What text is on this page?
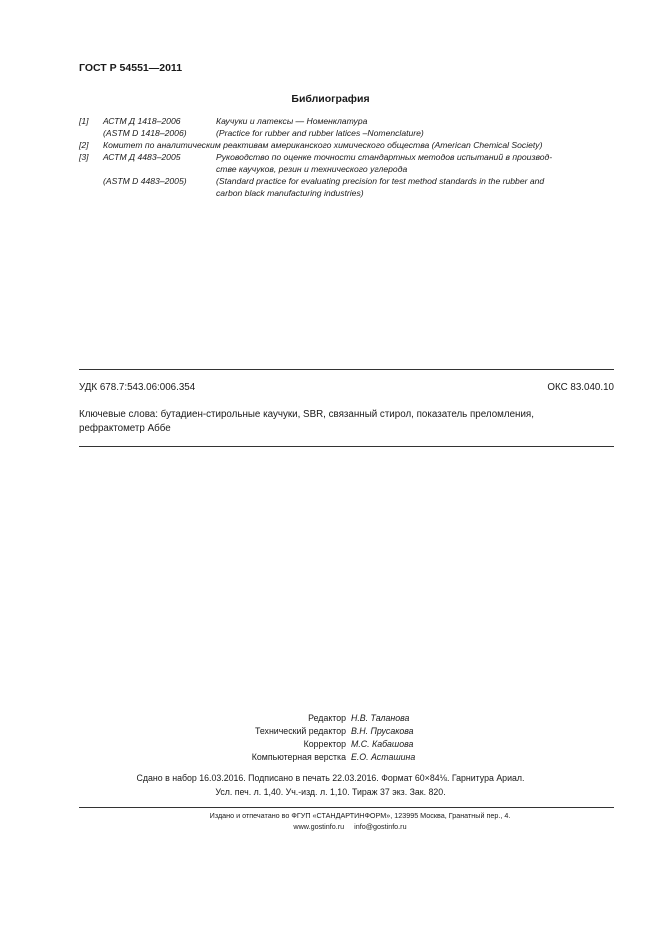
ГОСТ Р 54551—2011
Библиография
[1] АСТМ Д 1418–2006	Каучуки и латексы — Номенклатура
(ASTM D 1418–2006)	(Practice for rubber and rubber latices –Nomenclature)
[2] Комитет по аналитическим реактивам американского химического общества (American Chemical Society)
[3] АСТМ Д 4483–2005	Руководство по оценке точности стандартных методов испытаний в производ-
стве каучуков, резин и технического углерода
(ASTM D 4483–2005)	(Standard practice for evaluating precision for test method standards in the rubber and
carbon black manufacturing industries)
УДК 678.7:543.06:006.354	ОКС 83.040.10
Ключевые слова: бутадиен-стирольные каучуки, SBR, связанный стирол, показатель преломления,
рефрактометр Аббе
Редактор Н.В. Таланова
Технический редактор В.Н. Прусакова
Корректор М.С. Кабашова
Компьютерная верстка Е.О. Асташина
Сдано в набор 16.03.2016. Подписано в печать 22.03.2016. Формат 60×84⅛. Гарнитура Ариал.
Усл. печ. л. 1,40. Уч.-изд. л. 1,10. Тираж 37 экз. Зак. 820.
Издано и отпечатано во ФГУП «СТАНДАРТИНФОРМ», 123995 Москва, Гранатный пер., 4.
www.gostinfo.ru     info@gostinfo.ru
